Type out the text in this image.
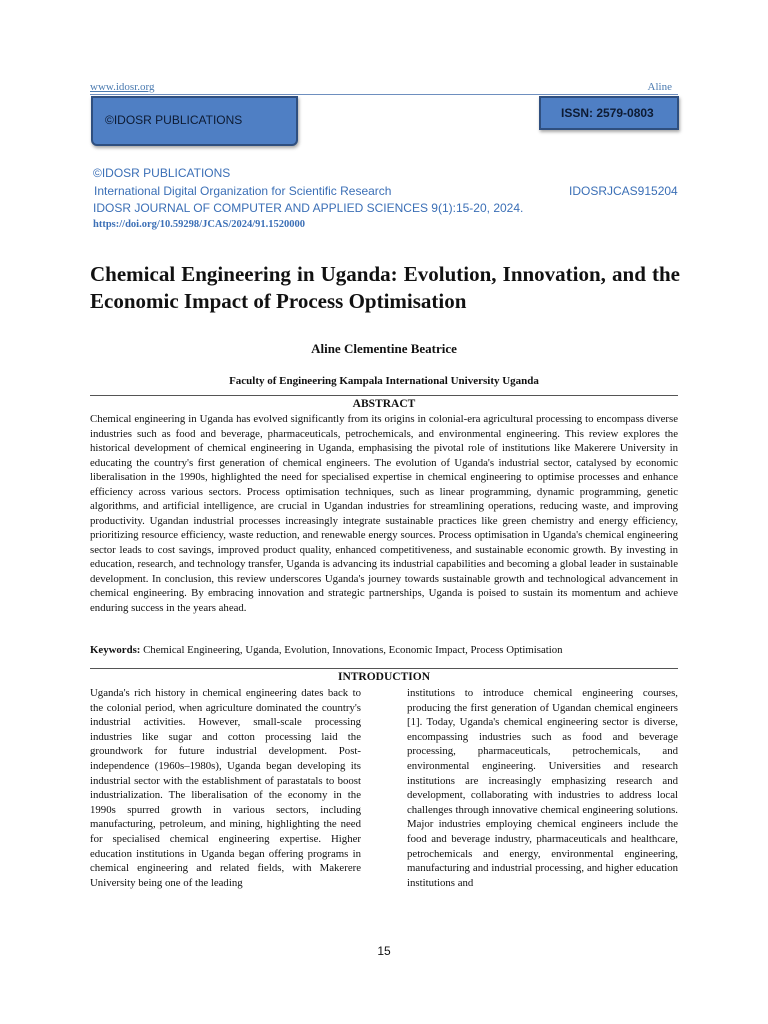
www.idosr.org	Aline
©IDOSR PUBLICATIONS	ISSN: 2579-0803
©IDOSR PUBLICATIONS
International Digital Organization for Scientific Research	IDOSRJCAS915204
IDOSR JOURNAL OF COMPUTER AND APPLIED SCIENCES 9(1):15-20, 2024.
https://doi.org/10.59298/JCAS/2024/91.1520000
Chemical Engineering in Uganda: Evolution, Innovation, and the Economic Impact of Process Optimisation
Aline Clementine Beatrice
Faculty of Engineering Kampala International University Uganda
ABSTRACT
Chemical engineering in Uganda has evolved significantly from its origins in colonial-era agricultural processing to encompass diverse industries such as food and beverage, pharmaceuticals, petrochemicals, and environmental engineering. This review explores the historical development of chemical engineering in Uganda, emphasising the pivotal role of institutions like Makerere University in educating the country's first generation of chemical engineers. The evolution of Uganda's industrial sector, catalysed by economic liberalisation in the 1990s, highlighted the need for specialised expertise in chemical engineering to optimise processes and enhance efficiency across various sectors. Process optimisation techniques, such as linear programming, dynamic programming, genetic algorithms, and artificial intelligence, are crucial in Ugandan industries for streamlining operations, reducing waste, and improving productivity. Ugandan industrial processes increasingly integrate sustainable practices like green chemistry and energy efficiency, prioritizing resource efficiency, waste reduction, and renewable energy sources. Process optimisation in Uganda's chemical engineering sector leads to cost savings, improved product quality, enhanced competitiveness, and sustainable economic growth. By investing in education, research, and technology transfer, Uganda is advancing its industrial capabilities and becoming a global leader in sustainable development. In conclusion, this review underscores Uganda's journey towards sustainable growth and technological advancement in chemical engineering. By embracing innovation and strategic partnerships, Uganda is poised to sustain its momentum and achieve enduring success in the years ahead.
Keywords: Chemical Engineering, Uganda, Evolution, Innovations, Economic Impact, Process Optimisation
INTRODUCTION
Uganda's rich history in chemical engineering dates back to the colonial period, when agriculture dominated the country's industrial activities. However, small-scale processing industries like sugar and cotton processing laid the groundwork for future industrial development. Post-independence (1960s–1980s), Uganda began developing its industrial sector with the establishment of parastatals to boost industrialization. The liberalisation of the economy in the 1990s spurred growth in various sectors, including manufacturing, petroleum, and mining, highlighting the need for specialised chemical engineering expertise. Higher education institutions in Uganda began offering programs in chemical engineering and related fields, with Makerere University being one of the leading
institutions to introduce chemical engineering courses, producing the first generation of Ugandan chemical engineers [1]. Today, Uganda's chemical engineering sector is diverse, encompassing industries such as food and beverage processing, pharmaceuticals, petrochemicals, and environmental engineering. Universities and research institutions are increasingly emphasizing research and development, collaborating with industries to address local challenges through innovative chemical engineering solutions. Major industries employing chemical engineers include the food and beverage industry, pharmaceuticals and healthcare, petrochemicals and energy, environmental engineering, manufacturing and industrial processing, and higher education institutions and
15
